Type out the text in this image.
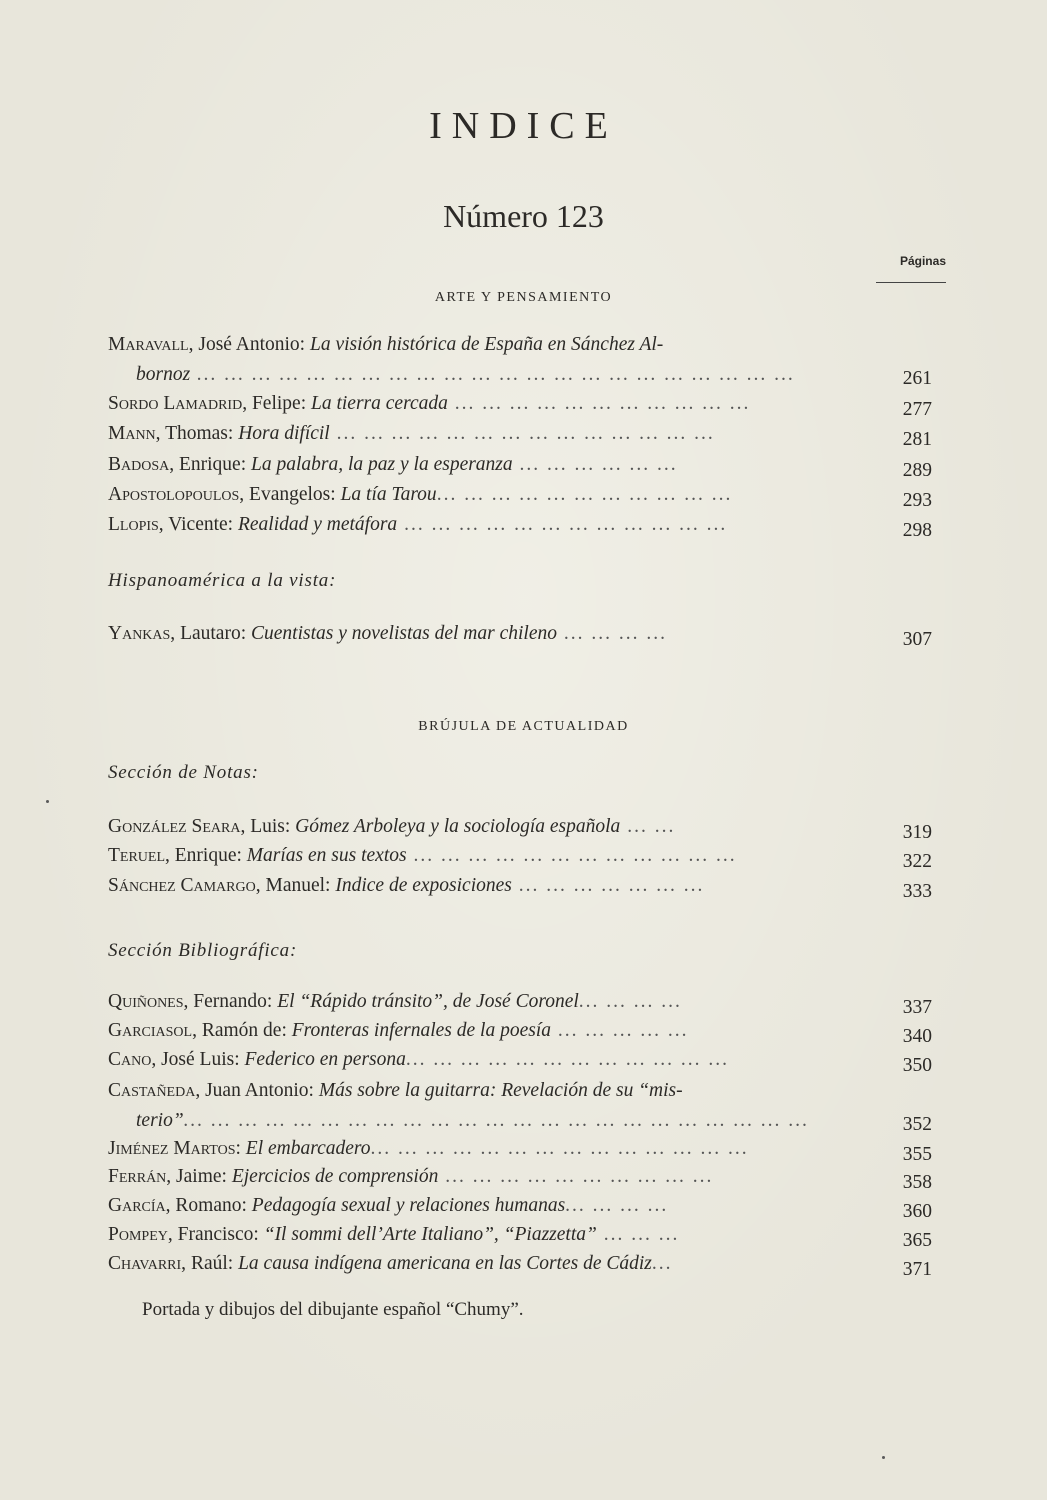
INDICE
Número 123
Páginas
ARTE Y PENSAMIENTO
Maravall, José Antonio: La visión histórica de España en Sánchez Al-
bornoz ... ... ... ... ... ... ... ... ... ... ... ... ... ... ... ... ... ... ... ... ... ...	261
Sordo Lamadrid, Felipe: La tierra cercada ... ... ... ... ... ... ... ... ... ... ...	277
Mann, Thomas: Hora difícil ... ... ... ... ... ... ... ... ... ... ... ... ... ...	281
Badosa, Enrique: La palabra, la paz y la esperanza ... ... ... ... ... ...	289
Apostolopoulos, Evangelos: La tía Tarou... ... ... ... ... ... ... ... ... ... ...	293
Llopis, Vicente: Realidad y metáfora ... ... ... ... ... ... ... ... ... ... ... ...	298
Hispanoamérica a la vista:
Yankas, Lautaro: Cuentistas y novelistas del mar chileno ... ... ... ...	307
BRÚJULA DE ACTUALIDAD
Sección de Notas:
González Seara, Luis: Gómez Arboleya y la sociología española ... ...	319
Teruel, Enrique: Marías en sus textos ... ... ... ... ... ... ... ... ... ... ... ...	322
Sánchez Camargo, Manuel: Indice de exposiciones ... ... ... ... ... ... ...	333
Sección Bibliográfica:
Quiñones, Fernando: El “Rápido tránsito”, de José Coronel... ... ... ...	337
Garciasol, Ramón de: Fronteras infernales de la poesía ... ... ... ... ...	340
Cano, José Luis: Federico en persona... ... ... ... ... ... ... ... ... ... ... ...	350
Castañeda, Juan Antonio: Más sobre la guitarra: Revelación de su “mis-
terio”... ... ... ... ... ... ... ... ... ... ... ... ... ... ... ... ... ... ... ... ... ... ...	352
Jiménez Martos: El embarcadero... ... ... ... ... ... ... ... ... ... ... ... ... ...	355
Ferrán, Jaime: Ejercicios de comprensión ... ... ... ... ... ... ... ... ... ...	358
García, Romano: Pedagogía sexual y relaciones humanas... ... ... ...	360
Pompey, Francisco: “Il sommi dell’Arte Italiano”, “Piazzetta” ... ... ...	365
Chavarri, Raúl: La causa indígena americana en las Cortes de Cádiz...	371
Portada y dibujos del dibujante español “Chumy”.
